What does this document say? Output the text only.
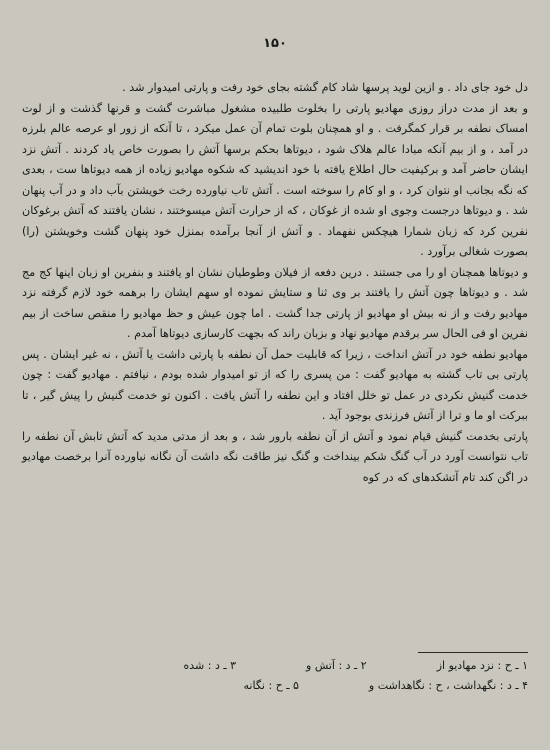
۱۵۰

دل خود جای داد . و ازین لوید پرسها شاد کام گشته بجای خود رفت و پارتی امیدوار شد .

و بعد از مدت دراز روزی مهادیو پارتی را بخلوت طلبیده مشغول مباشرت گشت و قرنها گذشت و از لوت امساک نطفه بر قرار کمگرفت . و او همچنان بلوت تمام آن عمل میکرد ، تا آنکه از زور او عرصه عالم بلرزه در آمد ، و از بیم آنکه مبادا عالم هلاک شود ، دیوتاها بحکم برسها آتش را بصورت خاص یاد کردند . آتش نزد ایشان حاضر آمد و برکیفیت حال اطلاع یافته با خود اندیشید که شکوه مهادیو زیاده از همه دیوتاها ست ، بعدی که نگه بجانب او نتوان کرد ، و او کام را سوخته است . آتش تاب نیاورده رخت خویشتن بآب داد و در آب پنهان شد . و دیوتاها درجست وجوی او شده از غوکان ، که از حرارت آتش میسوختند ، نشان یافتند که آتش برغوکان نفرین کرد که زبان شمارا هیچکس نفهماد . و آتش از آنجا برآمده بمنزل خود پنهان گشت وخویشتن (را) بصورت شغالی برآورد .

و دیوتاها همچنان او را می جستند . درین دفعه از فیلان وطوطیان نشان او یافتند و بنفرین او زبان اینها کج مج شد . و دیوتاها چون آتش را یافتند بر وی ثنا و ستایش نموده او سهم ایشان را برهمه خود لازم گرفته نزد مهادیو رفت و از نه بیش او مهادیو از پارتی جدا گشت . اما چون عیش و حظ مهادیو را منقص ساخت از بیم نفرین او فی الحال سر برقدم مهادیو نهاد و بزبان راند که بجهت کارسازی دیوتاها آمدم .

مهادیو نطفه خود در آتش انداخت ، زیرا که قابلیت حمل آن نطفه با پارتی داشت یا آتش ، نه غیر ایشان . پس پارتی بی تاب گشته به مهادیو گفت : من پسری را که از تو امیدوار شده بودم ، نیافتم . مهادیو گفت : چون خدمت گنیش نکردی در عمل تو خلل افتاد و این نطفه را آتش یافت . اکنون تو خدمت گنیش را پیش گیر ، تا ببرکت او ما و ترا از آتش فرزندی بوجود آید .

پارتی بخدمت گنیش قیام نمود و آتش از آن نطفه بارور شد ، و بعد از مدتی مدید که آتش تابش آن نطفه را تاب نتوانست آورد در آب گنگ شکم بینداخت و گنگ نیز طاقت نگه داشت آن نگانه نیاورده آنرا برخصت مهادیو در اگن کند تام آتشکدهای که در کوه

۱ ـ ح : نزد مهادیو از
۲ ـ د : آتش و
۳ ـ د : شده
۴ ـ د : نگهداشت ، ح : نگاهداشت و
۵ ـ ح : نگانه
